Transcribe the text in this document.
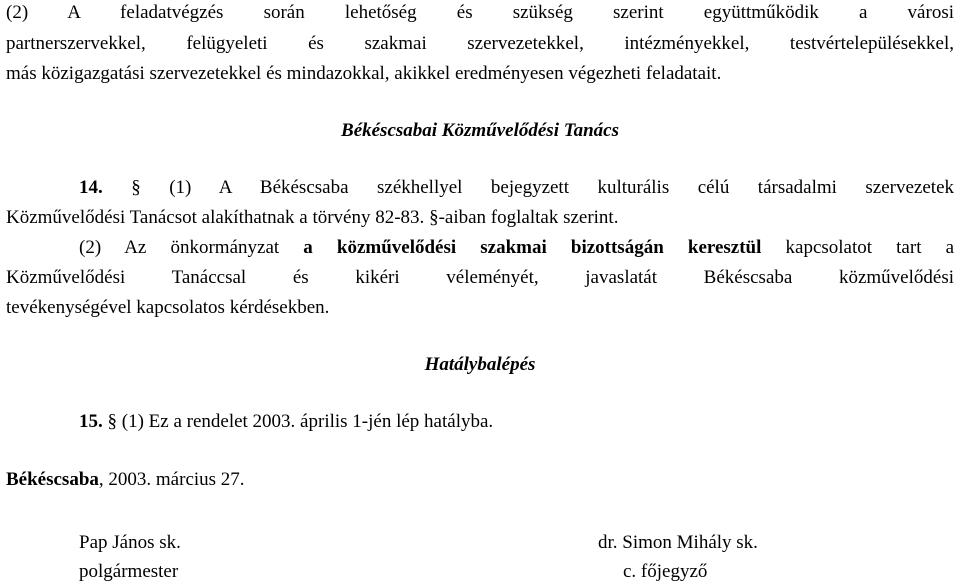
(2) A feladatvégzés során lehetőség és szükség szerint együttműködik a városi
partnerszervekkel, felügyeleti és szakmai szervezetekkel, intézményekkel, testvértelepülésekkel,
más közigazgatási szervezetekkel és mindazokkal, akikkel eredményesen végezheti feladatait.
Békéscsabai Közművelődési Tanács
14. § (1) A Békéscsaba székhellyel bejegyzett kulturális célú társadalmi szervezetek
Közművelődési Tanácsot alakíthatnak a törvény 82-83. §-aiban foglaltak szerint.
(2) Az önkormányzat a közművelődési szakmai bizottságán keresztül kapcsolatot tart a
Közművelődési Tanáccsal és kikéri véleményét, javaslatát Békéscsaba közművelődési
tevékenységével kapcsolatos kérdésekben.
Hatálybalépés
15. § (1) Ez a rendelet 2003. április 1-jén lép hatályba.
Békéscsaba, 2003. március 27.
Pap János sk.
polgármester
dr. Simon Mihály sk.
c. főjegyző
